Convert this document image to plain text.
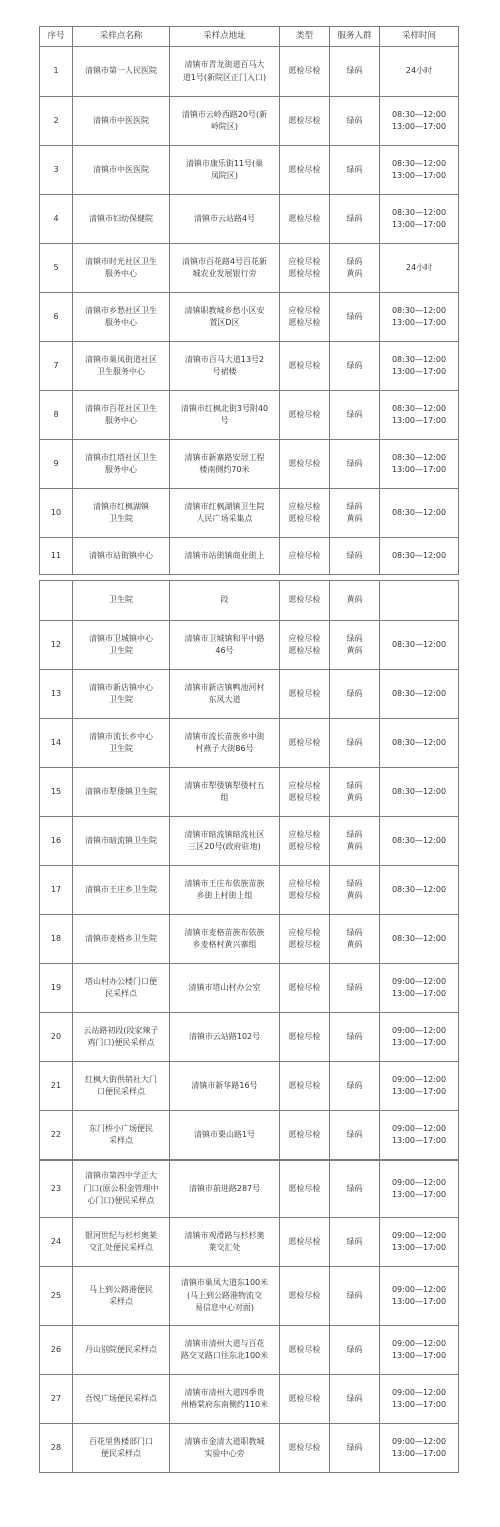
序号	采样点名称	采样点地址	类型	服务人群	采样时间
1	清镇市第一人民医院	清镇市青龙街道百马大
道1号(新院区正门入口)	愿检尽检	绿码	24小时

2	清镇市中医医院	清镇市云岭西路20号(新
岭院区)	愿检尽检	绿码	08:30—12:00
13:00—17:00

3	清镇市中医医院	清镇市康乐街11号(巢
凤院区)	愿检尽检	绿码	08:30—12:00
13:00—17:00

4	清镇市妇幼保健院	清镇市云站路4号	愿检尽检	绿码	08:30—12:00
13:00—17:00

5	清镇市时光社区卫生
服务中心	清镇市百花路4号百花新
城农业发展银行旁	应检尽检
愿检尽检	绿码
黄码	24小时

6	清镇市乡愁社区卫生
服务中心	清镇职教城乡愁小区安
置区D区	应检尽检
愿检尽检	绿码	08:30—12:00
13:00—17:00

7	清镇市巢凤街道社区
卫生服务中心	清镇市百马大道13号2
号裙楼	愿检尽检	绿码	08:30—12:00
13:00—17:00

8	清镇市百花社区卫生
服务中心	清镇市红枫北街3号附40
号	愿检尽检	绿码	08:30—12:00
13:00—17:00

9	清镇市红塔社区卫生
服务中心	清镇市新寨路安居工程
楼南侧约70米	愿检尽检	绿码	08:30—12:00
13:00—17:00

10	清镇市红枫湖镇
卫生院	清镇市红枫湖镇卫生院
人民广场采集点	应检尽检
愿检尽检	绿码
黄码	08:30—12:00

11	清镇市站街镇中心	清镇市站街镇商业街上	应检尽检	绿码	08:30—12:00

	卫生院	段	愿检尽检	黄码	

12	清镇市卫城镇中心
卫生院	清镇市卫城镇和平中路
46号	应检尽检
愿检尽检	绿码
黄码	08:30—12:00

13	清镇市新店镇中心
卫生院	清镇市新店镇鸭池河村
东风大道	愿检尽检	绿码	08:30—12:00

14	清镇市流长乡中心
卫生院	清镇市流长苗族乡中街
村燕子大街86号	愿检尽检	绿码	08:30—12:00

15	清镇市犁倭镇卫生院	清镇市犁倭镇犁倭村五
组	应检尽检
愿检尽检	绿码
黄码	08:30—12:00

16	清镇市暗流镇卫生院	清镇市暗流镇暗流社区
三区20号(政府驻地)	应检尽检
愿检尽检	绿码
黄码	08:30—12:00

17	清镇市王庄乡卫生院	清镇市王庄布依族苗族
乡街上村街上组	应检尽检
愿检尽检	绿码
黄码	08:30—12:00

18	清镇市麦格乡卫生院	清镇市麦格苗族布依族
乡麦格村黄兴寨组	应检尽检
愿检尽检	绿码
黄码	08:30—12:00

19	塔山村办公楼门口便
民采样点	清镇市塔山村办公室	愿检尽检	绿码	09:00—12:00
13:00—17:00

20	云站路初段(段家辣子
鸡门口)便民采样点	清镇市云站路102号	愿检尽检	绿码	09:00—12:00
13:00—17:00

21	红枫大街供销社大门
口便民采样点	清镇市新华路16号	愿检尽检	绿码	09:00—12:00
13:00—17:00

22	东门桥小广场便民
采样点	清镇市栗山路1号	愿检尽检	绿码	09:00—12:00
13:00—17:00
23	清镇市第四中学正大
门口(原公积金管理中
心门口)便民采样点	清镇市前进路287号	愿检尽检	绿码	09:00—12:00
13:00—17:00

24	银河世纪与杉杉奥莱
交汇处便民采样点	清镇市观滑路与杉杉奥
莱交汇处	愿检尽检	绿码	09:00—12:00
13:00—17:00

25	马上到公路港便民
采样点	清镇市巢凤大道东100米
(马上到公路港物流交
易信息中心对面)	愿检尽检	绿码	09:00—12:00
13:00—17:00

26	丹山别院便民采样点	清镇市清州大道与百花
路交叉路口往东北100米	愿检尽检	绿码	09:00—12:00
13:00—17:00

27	吾悦广场便民采样点	清镇市清州大道四季贵
州椿棠府东南侧约110米	愿检尽检	绿码	09:00—12:00
13:00—17:00

28	百花里售楼部门口
便民采样点	清镇市金清大道职教城
实验中心旁	愿检尽检	绿码	09:00—12:00
13:00—17:00
